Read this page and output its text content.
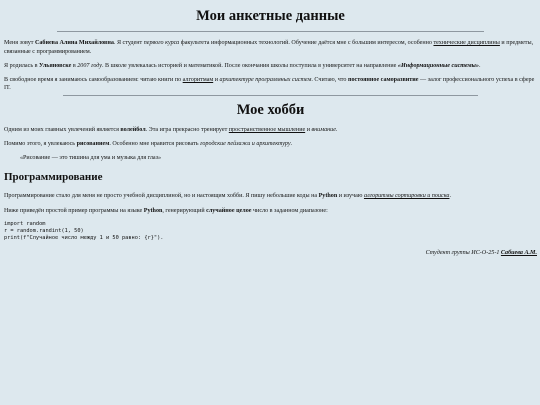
Мои анкетные данные

Меня зовут Сабиева Алина Михайловна. Я студент первого курса факультета информационных технологий. Обучение даётся мне с большим интересом, особенно технические дисциплины и предметы, связанные с программированием.

Я родилась в Ульяновске в 2007 году. В школе увлекалась историей и математикой. После окончания школы поступила в университет на направление «Информационные системы».

В свободное время я занимаюсь самообразованием: читаю книги по алгоритмам и архитектуре программных систем. Считаю, что постоянное саморазвитие — залог профессионального успеха в сфере IT.

Мое хобби

Одним из моих главных увлечений является волейбол. Эта игра прекрасно тренирует пространственное мышление и внимание.

Помимо этого, я увлекаюсь рисованием. Особенно мне нравится рисовать городские пейзажи и архитектуру.

«Рисование — это тишина для ума и музыка для глаз»
Программирование

Программирование стало для меня не просто учебной дисциплиной, но и настоящим хобби. Я пишу небольшие коды на Python и изучаю алгоритмы сортировки и поиска.

Ниже приведён простой пример программы на языке Python, генерирующий случайное целое число в заданном диапазоне:

import random
r = random.randint(1, 50)
print(f"Случайное число между 1 и 50 равно: {r}").

Студент группы ИС-О-25-1 Сабиева А.М.
